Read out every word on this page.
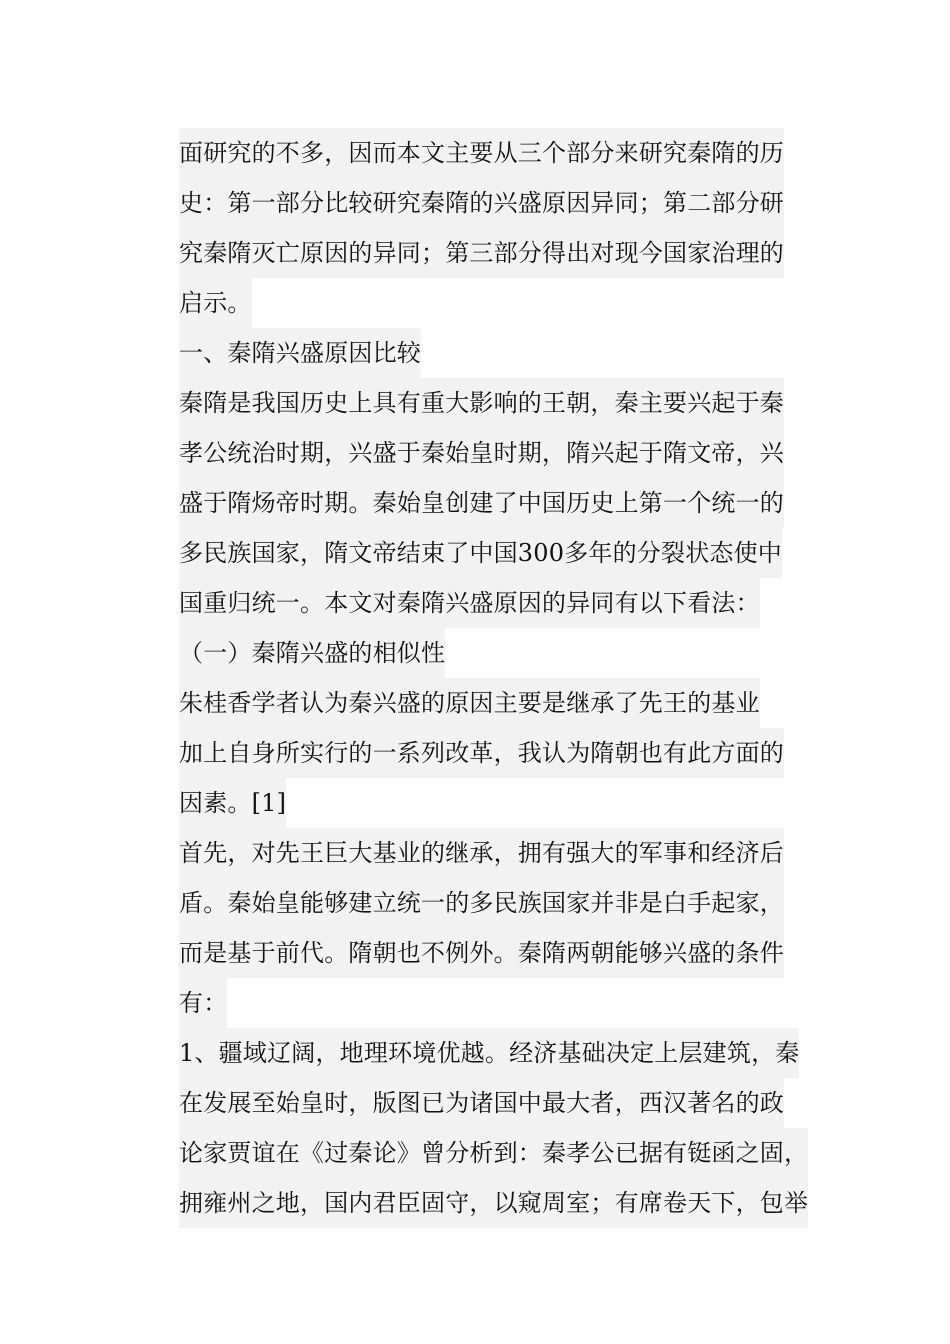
面研究的不多，因而本文主要从三个部分来研究秦隋的历
史：第一部分比较研究秦隋的兴盛原因异同；第二部分研
究秦隋灭亡原因的异同；第三部分得出对现今国家治理的
启示。
一、秦隋兴盛原因比较
秦隋是我国历史上具有重大影响的王朝，秦主要兴起于秦
孝公统治时期，兴盛于秦始皇时期，隋兴起于隋文帝，兴
盛于隋炀帝时期。秦始皇创建了中国历史上第一个统一的
多民族国家，隋文帝结束了中国300多年的分裂状态使中
国重归统一。本文对秦隋兴盛原因的异同有以下看法：
（一）秦隋兴盛的相似性
朱桂香学者认为秦兴盛的原因主要是继承了先王的基业
加上自身所实行的一系列改革，我认为隋朝也有此方面的
因素。[1]
首先，对先王巨大基业的继承，拥有强大的军事和经济后
盾。秦始皇能够建立统一的多民族国家并非是白手起家，
而是基于前代。隋朝也不例外。秦隋两朝能够兴盛的条件
有：
1、疆域辽阔，地理环境优越。经济基础决定上层建筑，秦
在发展至始皇时，版图已为诸国中最大者，西汉著名的政
论家贾谊在《过秦论》曾分析到：秦孝公已据有铤函之固，
拥雍州之地，国内君臣固守，以窥周室；有席卷天下，包举
